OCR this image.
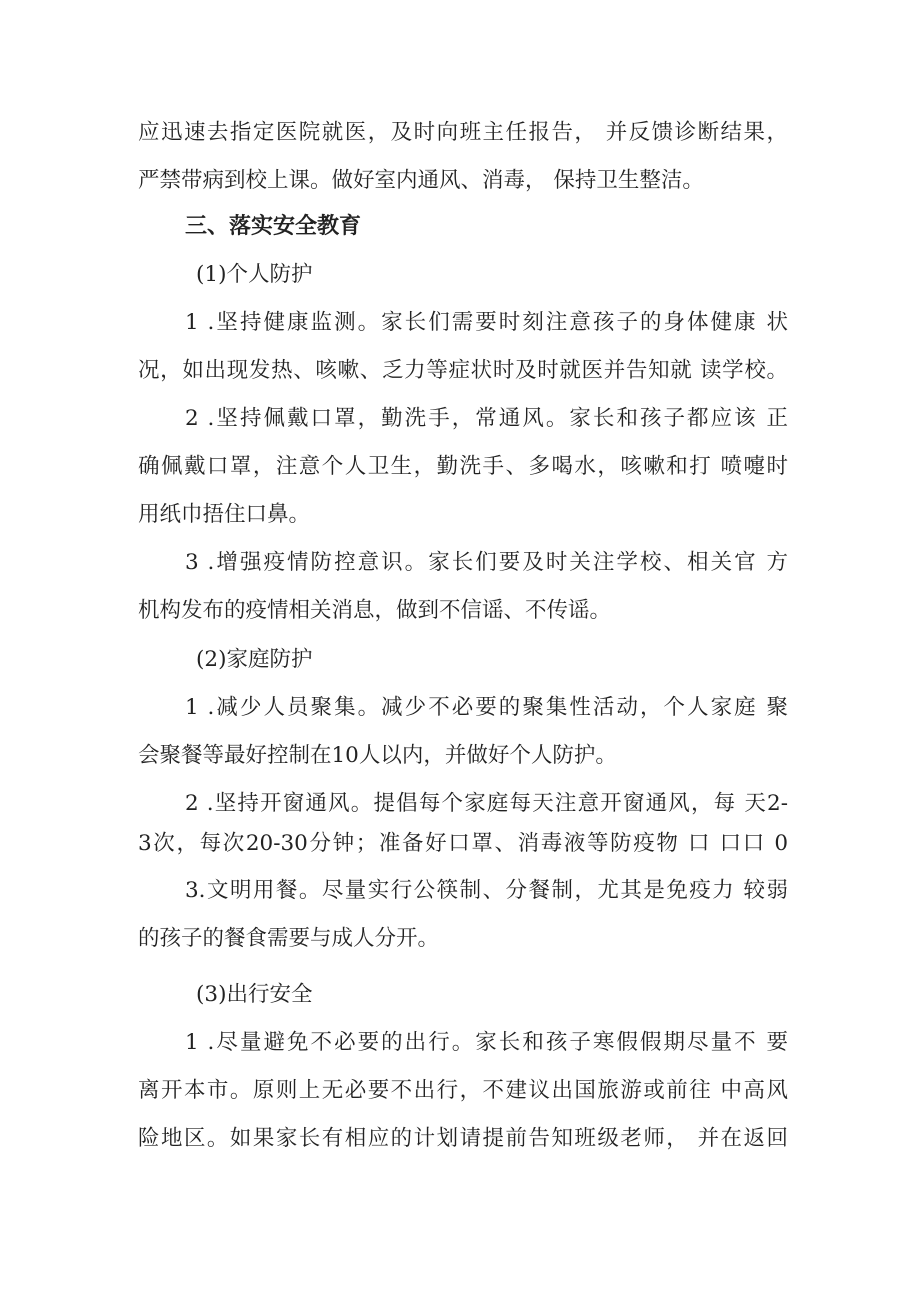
应迅速去指定医院就医，及时向班主任报告， 并反馈诊断结果，
严禁带病到校上课。做好室内通风、消毒， 保持卫生整洁。
三、落实安全教育
(1)个人防护
1 .坚持健康监测。家长们需要时刻注意孩子的身体健康 状
况，如出现发热、咳嗽、乏力等症状时及时就医并告知就 读学校。
2 .坚持佩戴口罩，勤洗手，常通风。家长和孩子都应该 正
确佩戴口罩，注意个人卫生，勤洗手、多喝水，咳嗽和打 喷嚏时
用纸巾捂住口鼻。
3 .增强疫情防控意识。家长们要及时关注学校、相关官 方
机构发布的疫情相关消息，做到不信谣、不传谣。
(2)家庭防护
1 .减少人员聚集。减少不必要的聚集性活动，个人家庭 聚
会聚餐等最好控制在10人以内，并做好个人防护。
2 .坚持开窗通风。提倡每个家庭每天注意开窗通风，每 天2-
3次，每次20-30分钟；准备好口罩、消毒液等防疫物 口 口口 0
3.文明用餐。尽量实行公筷制、分餐制，尤其是免疫力 较弱
的孩子的餐食需要与成人分开。
(3)出行安全
1 .尽量避免不必要的出行。家长和孩子寒假假期尽量不 要
离开本市。原则上无必要不出行，不建议出国旅游或前往 中高风
险地区。如果家长有相应的计划请提前告知班级老师， 并在返回
